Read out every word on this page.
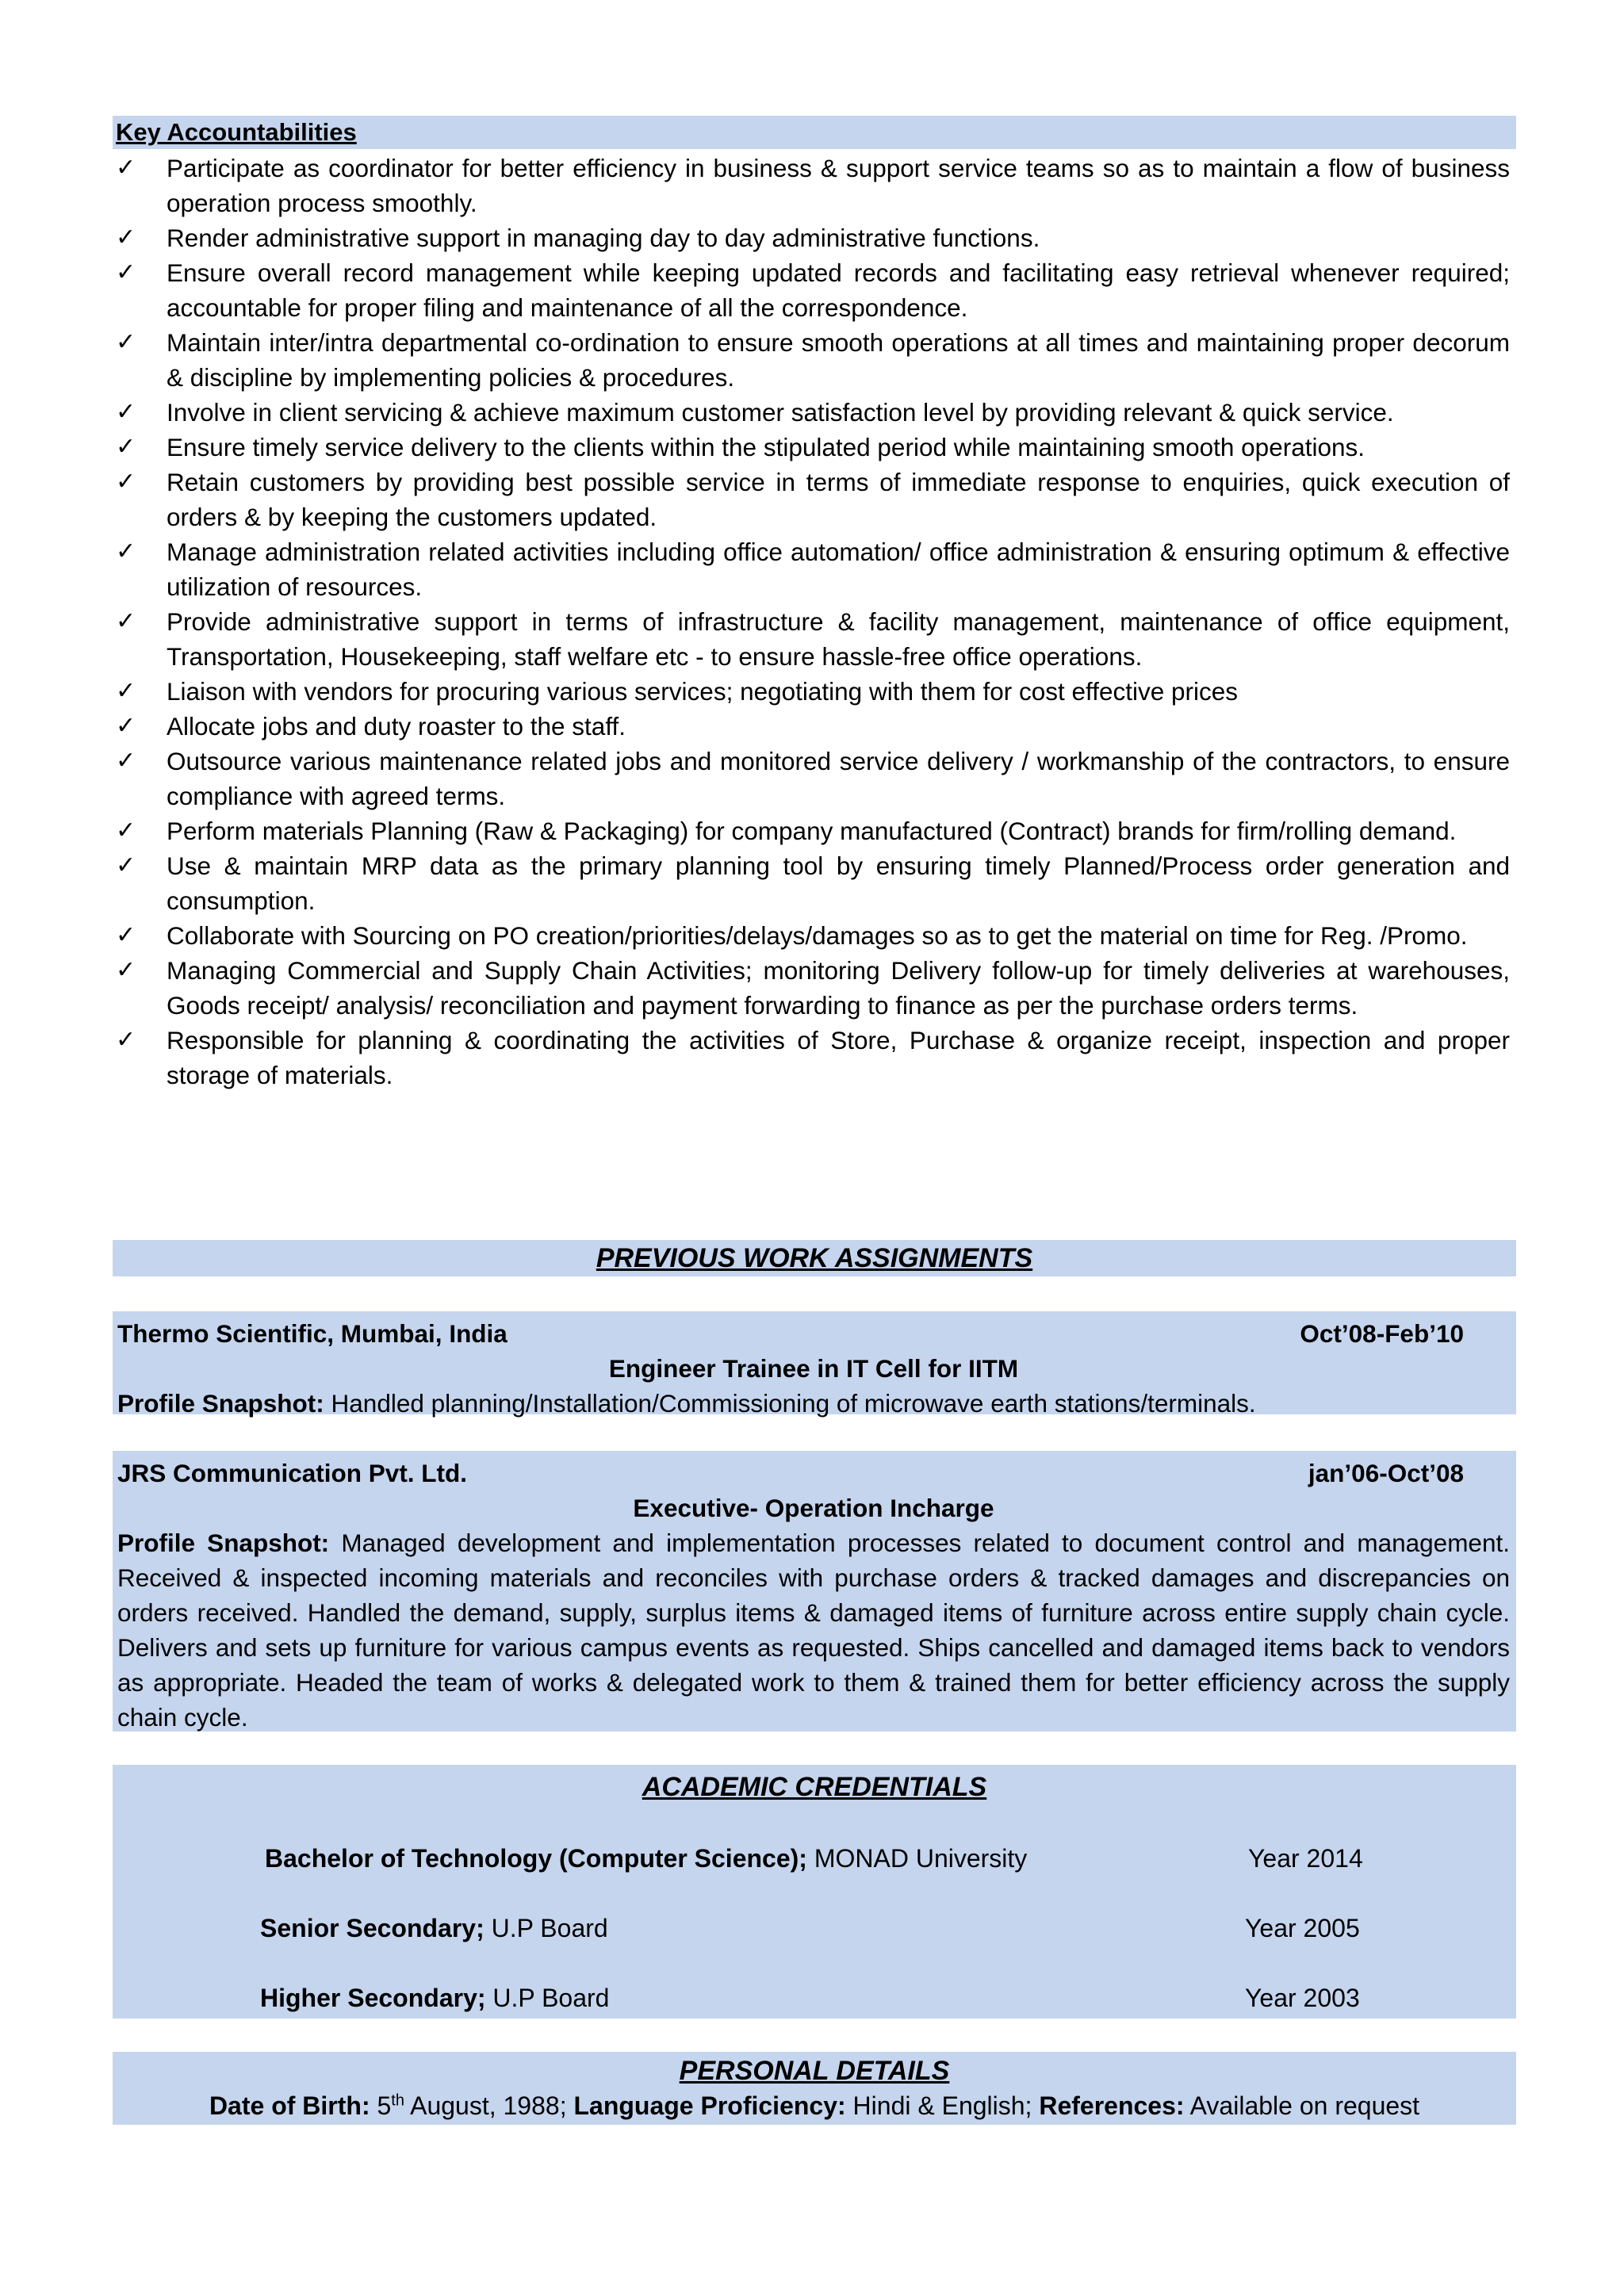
Key Accountabilities
✓ Participate as coordinator for better efficiency in business & support service teams so as to maintain a flow of business operation process smoothly.
✓ Render administrative support in managing day to day administrative functions.
✓ Ensure overall record management while keeping updated records and facilitating easy retrieval whenever required; accountable for proper filing and maintenance of all the correspondence.
✓ Maintain inter/intra departmental co-ordination to ensure smooth operations at all times and maintaining proper decorum & discipline by implementing policies & procedures.
✓ Involve in client servicing & achieve maximum customer satisfaction level by providing relevant & quick service.
✓ Ensure timely service delivery to the clients within the stipulated period while maintaining smooth operations.
✓ Retain customers by providing best possible service in terms of immediate response to enquiries, quick execution of orders & by keeping the customers updated.
✓ Manage administration related activities including office automation/ office administration & ensuring optimum & effective utilization of resources.
✓ Provide administrative support in terms of infrastructure & facility management, maintenance of office equipment, Transportation, Housekeeping, staff welfare etc - to ensure hassle-free office operations.
✓ Liaison with vendors for procuring various services; negotiating with them for cost effective prices
✓ Allocate jobs and duty roaster to the staff.
✓ Outsource various maintenance related jobs and monitored service delivery / workmanship of the contractors, to ensure compliance with agreed terms.
✓ Perform materials Planning (Raw & Packaging) for company manufactured (Contract) brands for firm/rolling demand.
✓ Use & maintain MRP data as the primary planning tool by ensuring timely Planned/Process order generation and consumption.
✓ Collaborate with Sourcing on PO creation/priorities/delays/damages so as to get the material on time for Reg. /Promo.
✓ Managing Commercial and Supply Chain Activities; monitoring Delivery follow-up for timely deliveries at warehouses, Goods receipt/ analysis/ reconciliation and payment forwarding to finance as per the purchase orders terms.
✓ Responsible for planning & coordinating the activities of Store, Purchase & organize receipt, inspection and proper storage of materials.
PREVIOUS WORK ASSIGNMENTS
Thermo Scientific, Mumbai, India	Oct’08-Feb’10
Engineer Trainee in IT Cell for IITM
Profile Snapshot: Handled planning/Installation/Commissioning of microwave earth stations/terminals.
JRS Communication Pvt. Ltd.	jan’06-Oct’08
Executive- Operation Incharge
Profile Snapshot: Managed development and implementation processes related to document control and management. Received & inspected incoming materials and reconciles with purchase orders & tracked damages and discrepancies on orders received. Handled the demand, supply, surplus items & damaged items of furniture across entire supply chain cycle. Delivers and sets up furniture for various campus events as requested. Ships cancelled and damaged items back to vendors as appropriate. Headed the team of works & delegated work to them & trained them for better efficiency across the supply chain cycle.
ACADEMIC CREDENTIALS
Bachelor of Technology (Computer Science); MONAD University	Year 2014
Senior Secondary; U.P Board	Year 2005
Higher Secondary; U.P Board	Year 2003
PERSONAL DETAILS
Date of Birth: 5th August, 1988; Language Proficiency: Hindi & English; References: Available on request
